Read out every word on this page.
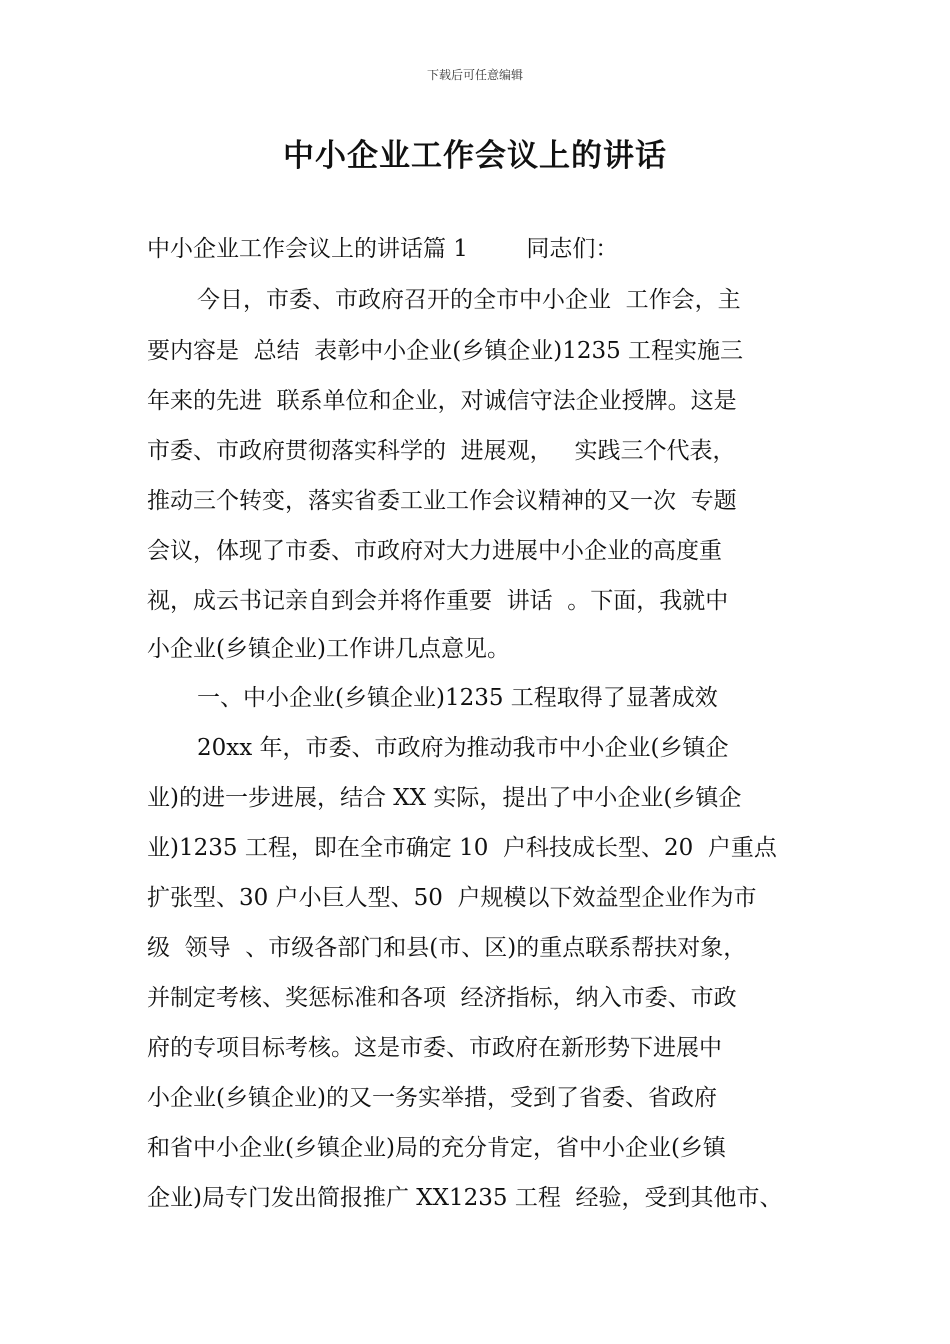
下载后可任意编辑
中小企业工作会议上的讲话
中小企业工作会议上的讲话篇 1        同志们：
今日，市委、市政府召开的全市中小企业  工作会，主
要内容是  总结  表彰中小企业(乡镇企业)1235 工程实施三
年来的先进  联系单位和企业，对诚信守法企业授牌。这是
市委、市政府贯彻落实科学的  进展观，   实践三个代表，
推动三个转变，落实省委工业工作会议精神的又一次  专题
会议，体现了市委、市政府对大力进展中小企业的高度重
视，成云书记亲自到会并将作重要  讲话  。下面，我就中
小企业(乡镇企业)工作讲几点意见。
一、中小企业(乡镇企业)1235 工程取得了显著成效
20xx 年，市委、市政府为推动我市中小企业(乡镇企
业)的进一步进展，结合 XX 实际，提出了中小企业(乡镇企
业)1235 工程，即在全市确定 10  户科技成长型、20  户重点
扩张型、30 户小巨人型、50  户规模以下效益型企业作为市
级  领导  、市级各部门和县(市、区)的重点联系帮扶对象，
并制定考核、奖惩标准和各项  经济指标，纳入市委、市政
府的专项目标考核。这是市委、市政府在新形势下进展中
小企业(乡镇企业)的又一务实举措，受到了省委、省政府
和省中小企业(乡镇企业)局的充分肯定，省中小企业(乡镇
企业)局专门发出简报推广 XX1235 工程  经验，受到其他市、
